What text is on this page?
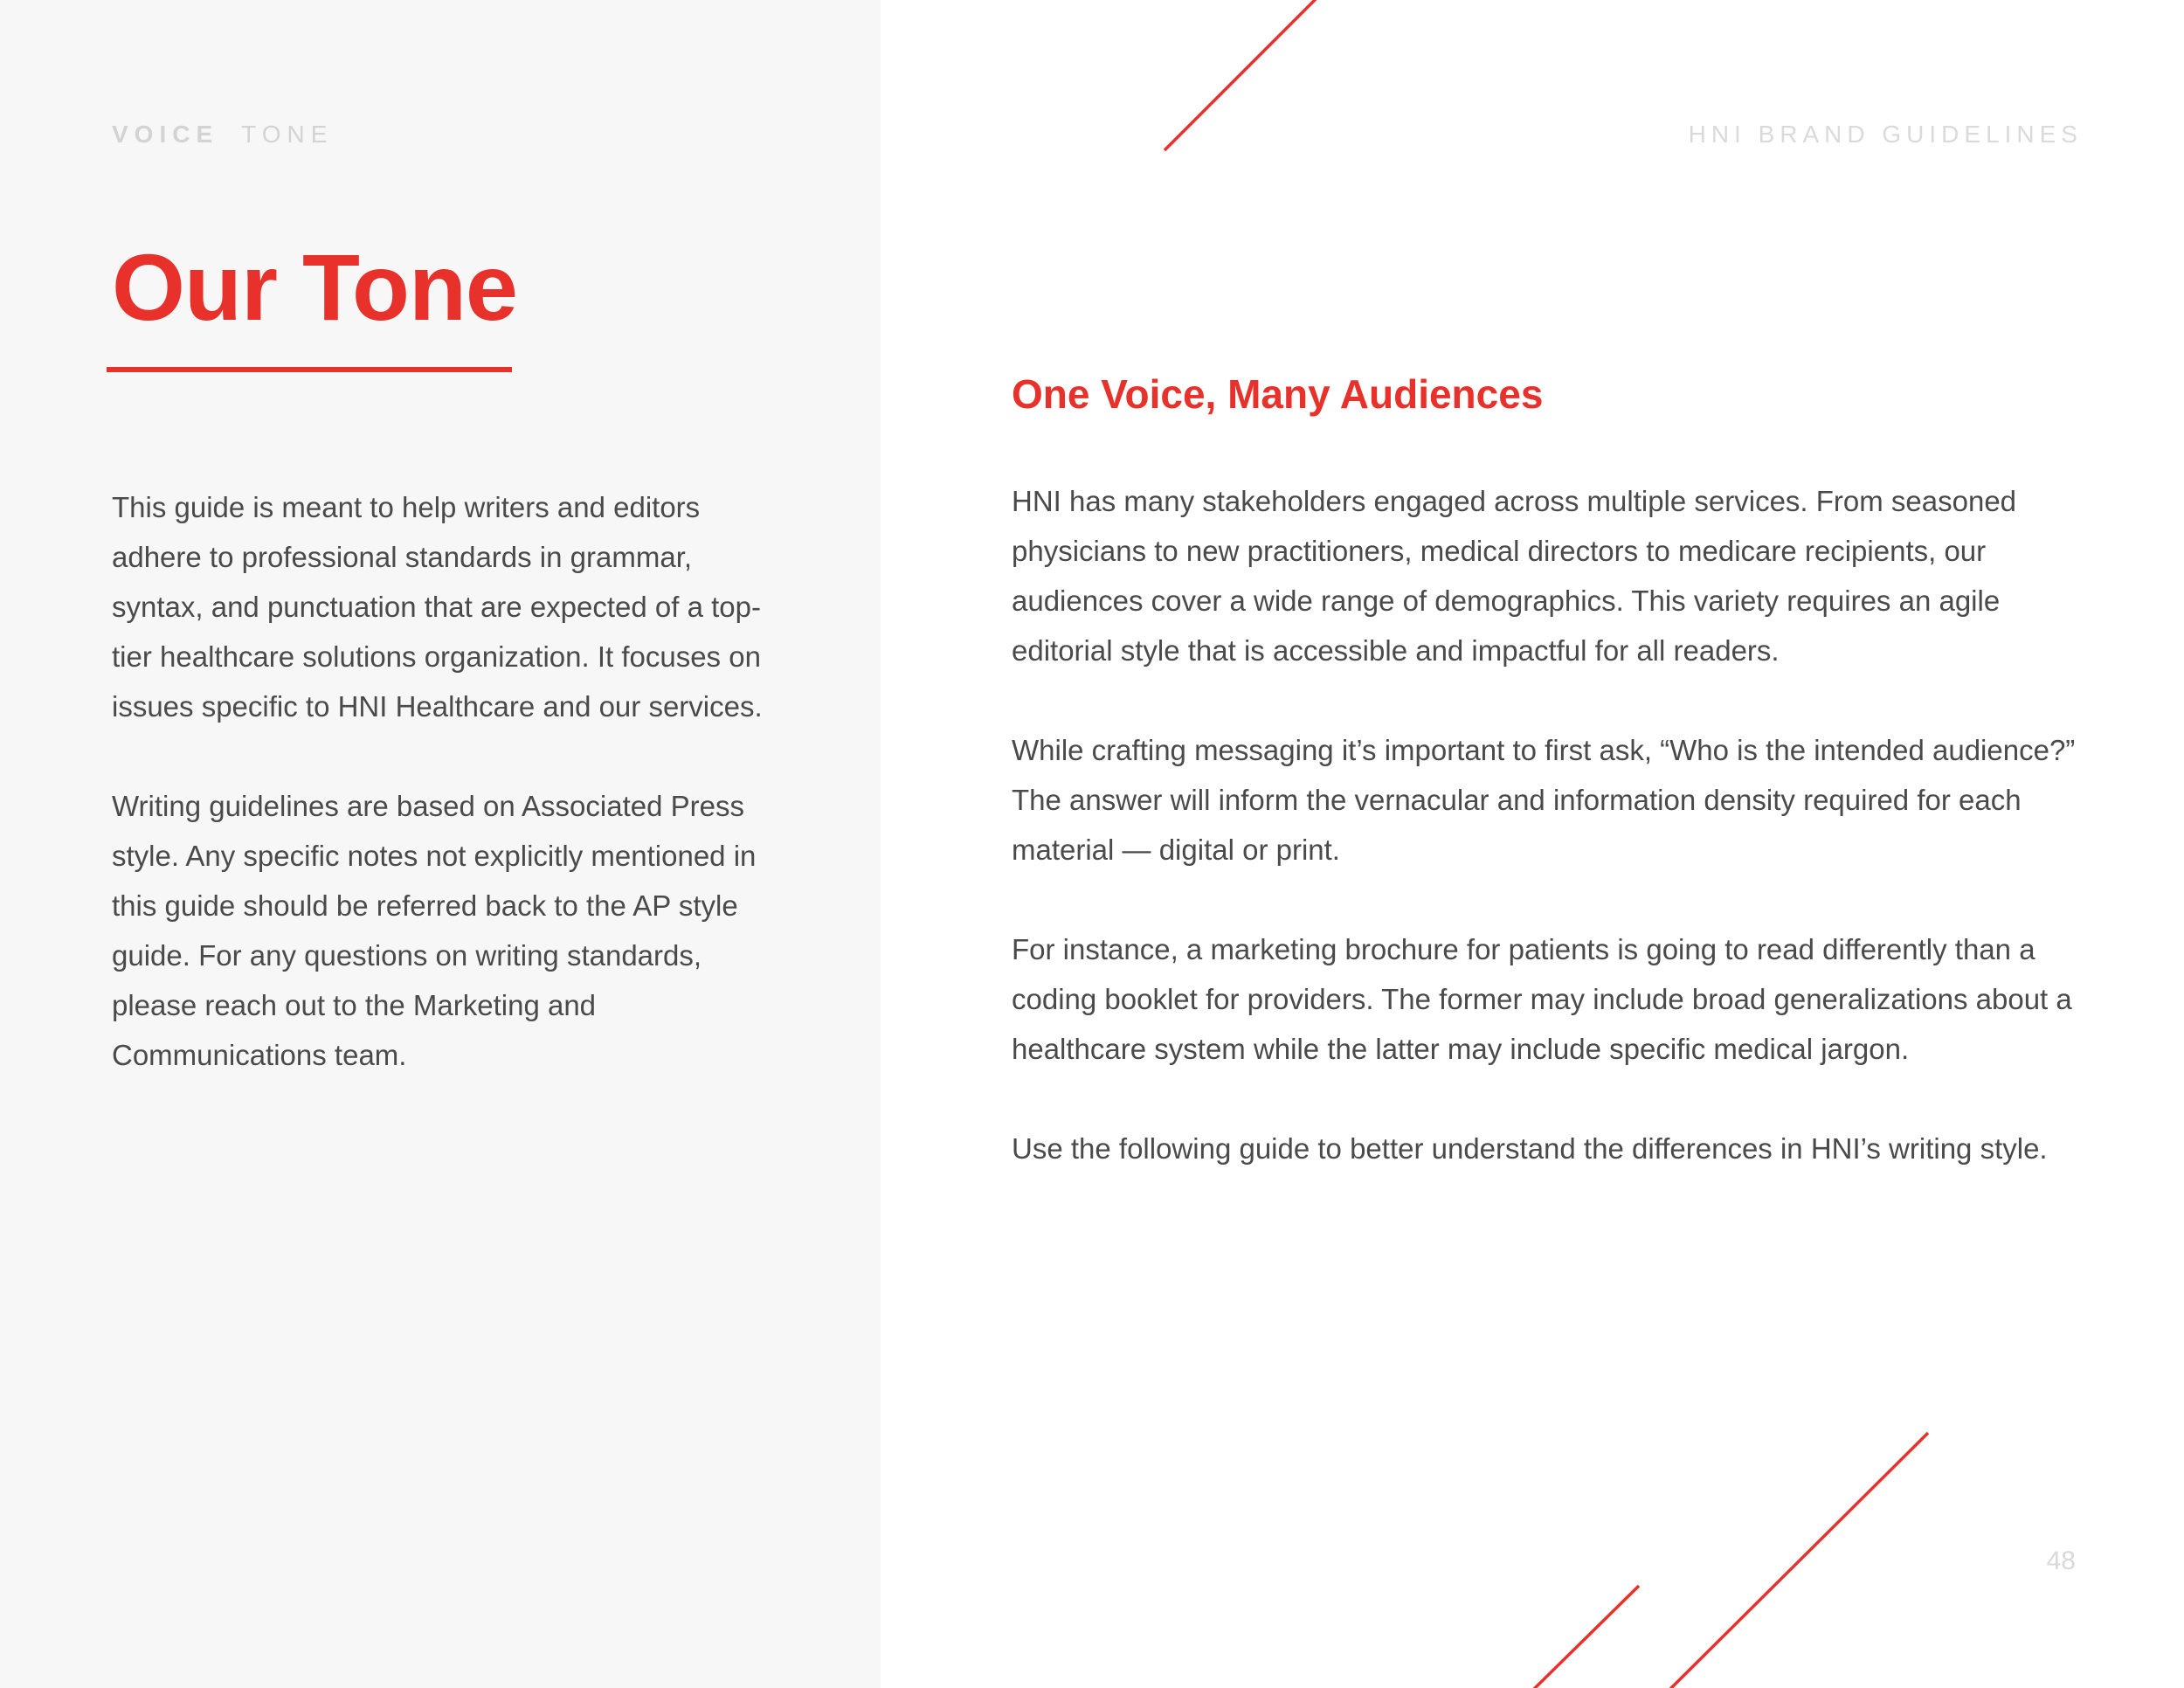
VOICE TONE	HNI BRAND GUIDELINES
Our Tone

This guide is meant to help writers and editors adhere to professional standards in grammar, syntax, and punctuation that are expected of a top-tier healthcare solutions organization. It focuses on issues specific to HNI Healthcare and our services.

Writing guidelines are based on Associated Press style. Any specific notes not explicitly mentioned in this guide should be referred back to the AP style guide. For any questions on writing standards, please reach out to the Marketing and Communications team.

One Voice, Many Audiences

HNI has many stakeholders engaged across multiple services. From seasoned physicians to new practitioners, medical directors to medicare recipients, our audiences cover a wide range of demographics. This variety requires an agile editorial style that is accessible and impactful for all readers.

While crafting messaging it’s important to first ask, “Who is the intended audience?” The answer will inform the vernacular and information density required for each material — digital or print.

For instance, a marketing brochure for patients is going to read differently than a coding booklet for providers. The former may include broad generalizations about a healthcare system while the latter may include specific medical jargon.

Use the following guide to better understand the differences in HNI’s writing style.

48
